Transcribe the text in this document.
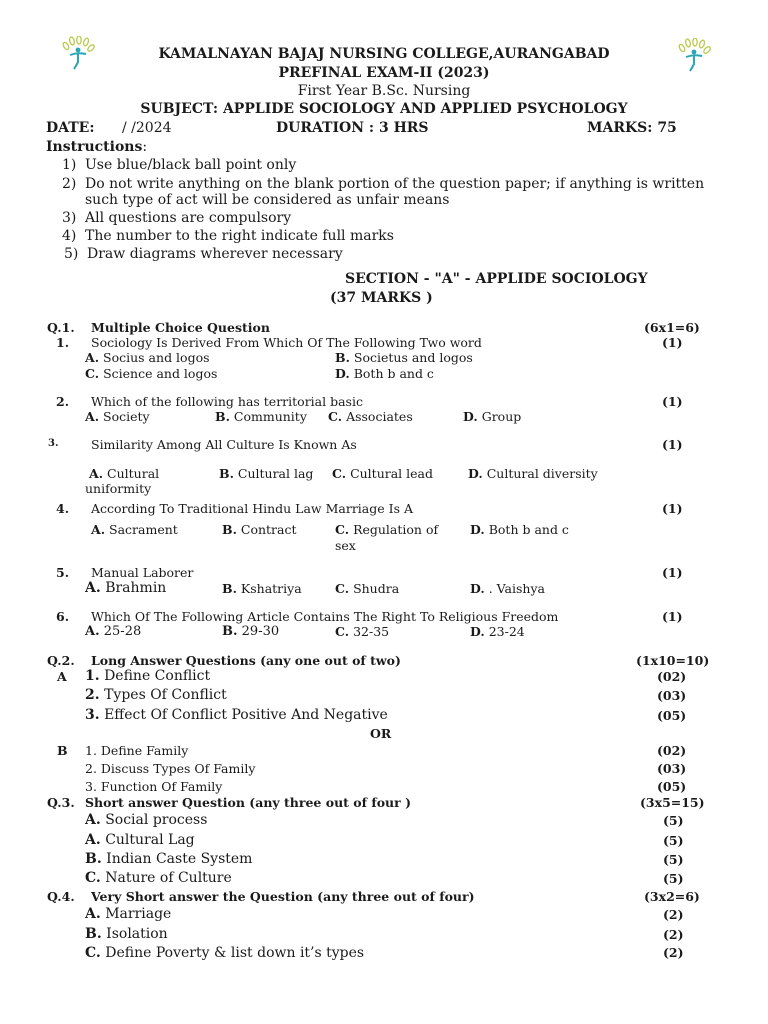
KAMALNAYAN BAJAJ NURSING COLLEGE,AURANGABAD
PREFINAL EXAM-II (2023)
First Year B.Sc. Nursing
SUBJECT: APPLIDE SOCIOLOGY AND APPLIED PSYCHOLOGY
DATE: / /2024	DURATION : 3 HRS	MARKS: 75
Instructions:
1) Use blue/black ball point only
2) Do not write anything on the blank portion of the question paper; if anything is written
such type of act will be considered as unfair means
3) All questions are compulsory
4) The number to the right indicate full marks
5) Draw diagrams wherever necessary
SECTION - "A" - APPLIDE SOCIOLOGY
(37 MARKS )
Q.1. Multiple Choice Question	(6x1=6)
1. Sociology Is Derived From Which Of The Following Two word	(1)
A. Socius and logos	B. Societus and logos
C. Science and logos	D. Both b and c
2. Which of the following has territorial basic	(1)
A. Society	B. Community C. Associates	D. Group
3.	Similarity Among All Culture Is Known As	(1)
A. Cultural
uniformity
B. Cultural lag C. Cultural lead	D. Cultural diversity
4. According To Traditional Hindu Law Marriage Is A	(1)
A. Sacrament	B. Contract	C. Regulation of
sex
D. Both b and c
5. Manual Laborer	(1)
A. Brahmin	B. Kshatriya	C. Shudra	D. . Vaishya
6. Which Of The Following Article Contains The Right To Religious Freedom	(1)
A. 25-28	B. 29-30	C. 32-35	D. 23-24
Q.2. Long Answer Questions (any one out of two)	(1x10=10)
A 1. Define Conflict	(02)
2. Types Of Conflict	(03)
3. Effect Of Conflict Positive And Negative	(05)
OR
B 1. Define Family	(02)
2. Discuss Types Of Family	(03)
3. Function Of Family	(05)
Q.3. Short answer Question (any three out of four )	(3x5=15)
A. Social process	(5)
A. Cultural Lag	(5)
B. Indian Caste System	(5)
C. Nature of Culture	(5)
Q.4. Very Short answer the Question (any three out of four)	(3x2=6)
A. Marriage	(2)
B. Isolation	(2)
C. Define Poverty & list down it’s types	(2)
